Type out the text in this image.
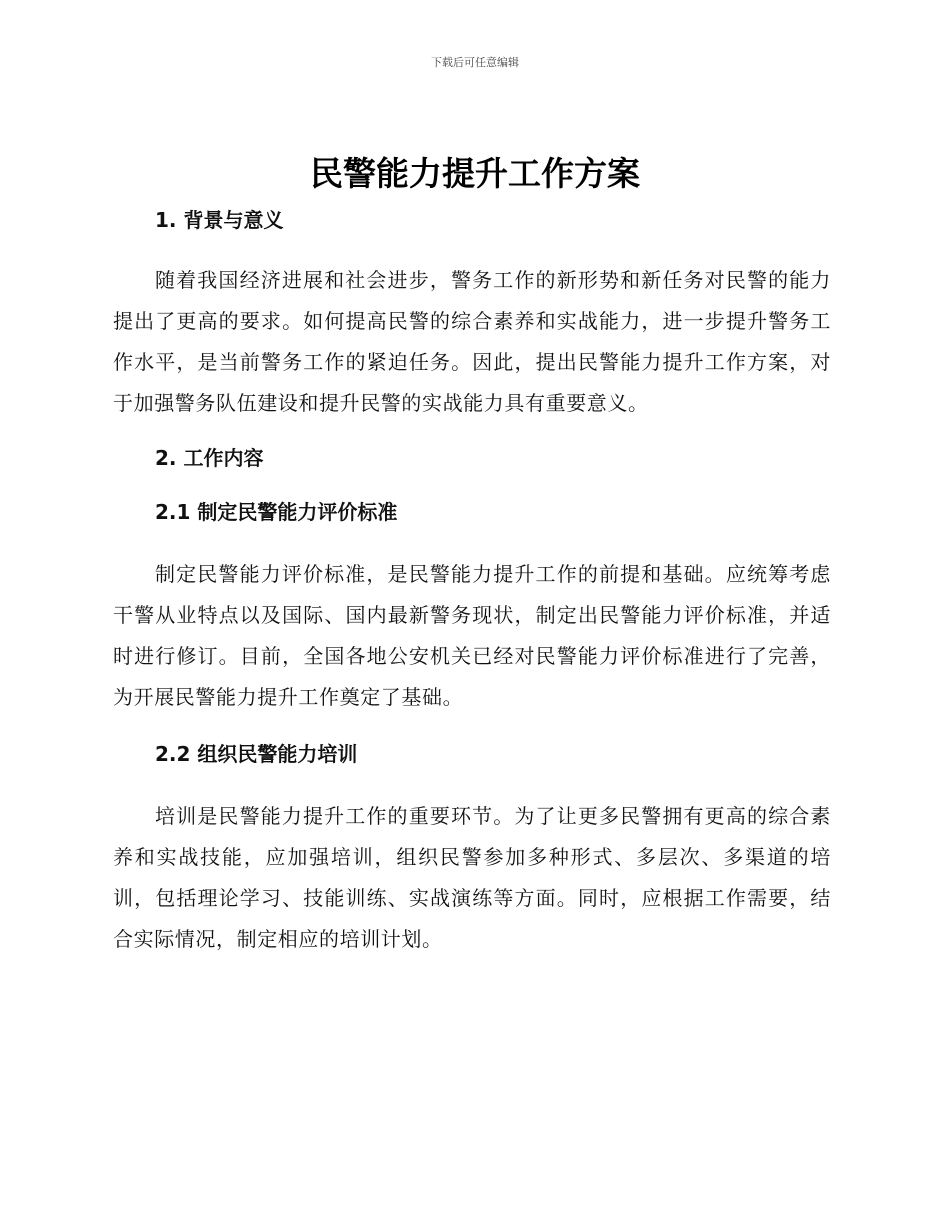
下载后可任意编辑
民警能力提升工作方案
1. 背景与意义

随着我国经济进展和社会进步，警务工作的新形势和新任务对民警的能力提出了更高的要求。如何提高民警的综合素养和实战能力，进一步提升警务工作水平，是当前警务工作的紧迫任务。因此，提出民警能力提升工作方案，对于加强警务队伍建设和提升民警的实战能力具有重要意义。

2. 工作内容
2.1 制定民警能力评价标准

制定民警能力评价标准，是民警能力提升工作的前提和基础。应统筹考虑干警从业特点以及国际、国内最新警务现状，制定出民警能力评价标准，并适时进行修订。目前，全国各地公安机关已经对民警能力评价标准进行了完善，为开展民警能力提升工作奠定了基础。

2.2 组织民警能力培训

培训是民警能力提升工作的重要环节。为了让更多民警拥有更高的综合素养和实战技能，应加强培训，组织民警参加多种形式、多层次、多渠道的培训，包括理论学习、技能训练、实战演练等方面。同时，应根据工作需要，结合实际情况，制定相应的培训计划。
